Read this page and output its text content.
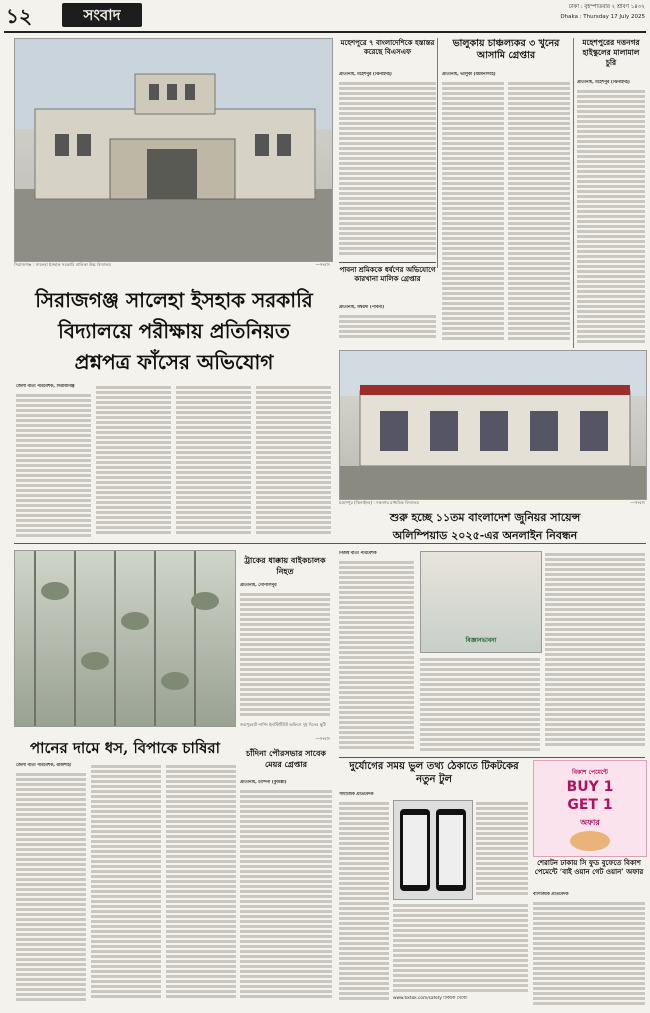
১২	সংবাদ	ঢাকা : বৃহস্পতিবার ২ শ্রাবণ ১৪৩২
Dhaka : Thursday 17 July 2025
সিরাজগঞ্জ : সালেহা ইসহাক সরকারি বালিকা উচ্চ বিদ্যালয়	—সংবাদ
মহেশপুরে ৭ বাংলাদেশিকে হস্তান্তর করেছে বিএসএফ
প্রতিনিধি, মহেশপুর (ঝিনাইদহ)
ভালুকায় চাঞ্চল্যকর ৩ খুনের আসামি গ্রেপ্তার
প্রতিনিধি, ভালুকা (ময়মনসিংহ)
মহেশপুরের দত্তনগর হাইস্কুলের মালামাল চুরি
প্রতিনিধি, মহেশপুর (ঝিনাইদহ)
সিরাজগঞ্জ সালেহা ইসহাক সরকারি
বিদ্যালয়ে পরীক্ষায় প্রতিনিয়ত
প্রশ্নপত্র ফাঁসের অভিযোগ
জেলা বার্তা পরিবেশক, সিরাজগঞ্জ
পাবনা শ্রমিককে ধর্ষণের অভিযোগে কারখানা মালিক গ্রেপ্তার
প্রতিনিধি, ঈশ্বরদী (পাবনা)
মহেশপুর (ঝিনাইদহ) : দত্তনগর মাধ্যমিক বিদ্যালয়	—সংবাদ
শুরু হচ্ছে ১১তম বাংলাদেশ জুনিয়র সায়েন্স
অলিম্পিয়াড ২০২৫-এর অনলাইন নিবন্ধন
নিজস্ব বার্তা পরিবেশক
বিজ্ঞানভাবনা
ট্রাকের ধাক্কায় বাইকচালক নিহত
প্রতিনিধি, গোপালপুর
জয়পুরহাট নার্সিং ইনস্টিটিউট অফিসে দুই দিনের ছুটি
—সংবাদ
পানের দামে ধস, বিপাকে চাষিরা
জেলা বার্তা পরিবেশক, রাজশাহী
চাঁদিনা পৌরসভার সাবেক মেয়র গ্রেপ্তার
প্রতিনিধি, চান্দিনা (কুমিল্লা)
দুর্যোগের সময় ভুল তথ্য ঠেকাতে টিকটকের নতুন টুল
সামাজিক প্রতিবেদক
www.tiktok.com/safety টিকটক থেকে।
বিকাশ পেমেন্টে
BUY 1
GET 1
অফার
শেরাটন ঢাকায় সি ফুড বুফেতে বিকাশ পেমেন্টে ‘বাই ওয়ান গেট ওয়ান’ অফার
বাণিজ্যিক প্রতিবেদক
